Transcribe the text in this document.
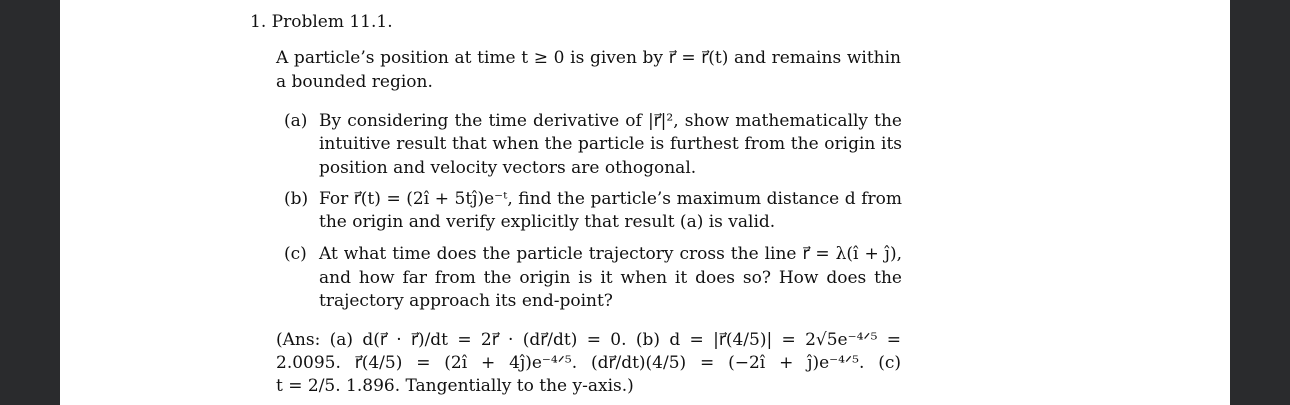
1. Problem 11.1.
A particle’s position at time t ≥ 0 is given by r⃗ = r⃗(t) and remains within
a bounded region.
(a) By considering the time derivative of |r⃗|², show mathematically the
intuitive result that when the particle is furthest from the origin its
position and velocity vectors are othogonal.
(b) For r⃗(t) = (2î + 5tĵ)e⁻ᵗ, find the particle’s maximum distance d from
the origin and verify explicitly that result (a) is valid.
(c) At what time does the particle trajectory cross the line r⃗ = λ(î + ĵ),
and how far from the origin is it when it does so? How does the
trajectory approach its end-point?
(Ans: (a) d(r⃗ · r⃗)/dt = 2r⃗ · (dr⃗/dt) = 0. (b) d = |r⃗(4/5)| = 2√5e⁻⁴ᐟ⁵ =
2.0095. r⃗(4/5) = (2î + 4ĵ)e⁻⁴ᐟ⁵. (dr⃗/dt)(4/5) = (−2î + ĵ)e⁻⁴ᐟ⁵. (c)
t = 2/5. 1.896. Tangentially to the y-axis.)
